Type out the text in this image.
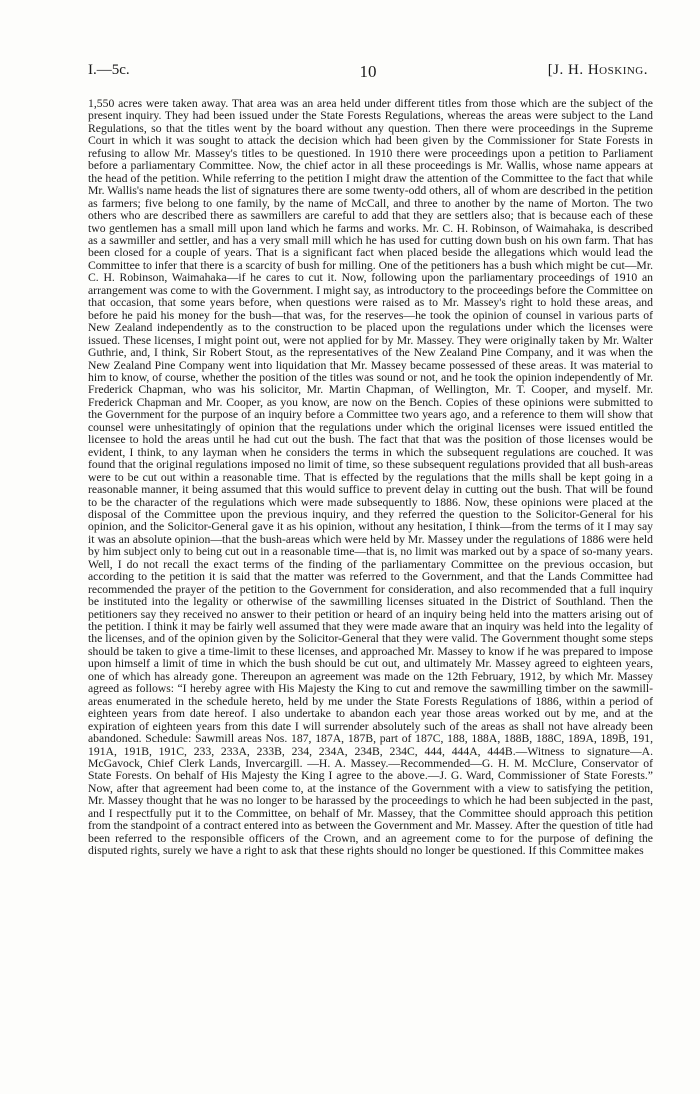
I.—5c.	10	[J. H. Hosking.

1,550 acres were taken away. That area was an area held under different titles from those which are the subject of the present inquiry. They had been issued under the State Forests Regulations, whereas the areas were subject to the Land Regulations, so that the titles went by the board without any question. Then there were proceedings in the Supreme Court in which it was sought to attack the decision which had been given by the Commissioner for State Forests in refusing to allow Mr. Massey's titles to be questioned. In 1910 there were proceedings upon a petition to Parliament before a parliamentary Committee. Now, the chief actor in all these proceedings is Mr. Wallis, whose name appears at the head of the petition. While referring to the petition I might draw the attention of the Committee to the fact that while Mr. Wallis's name heads the list of signatures there are some twenty-odd others, all of whom are described in the petition as farmers; five belong to one family, by the name of McCall, and three to another by the name of Morton. The two others who are described there as sawmillers are careful to add that they are settlers also; that is because each of these two gentlemen has a small mill upon land which he farms and works. Mr. C. H. Robinson, of Waimahaka, is described as a sawmiller and settler, and has a very small mill which he has used for cutting down bush on his own farm. That has been closed for a couple of years. That is a significant fact when placed beside the allegations which would lead the Committee to infer that there is a scarcity of bush for milling. One of the petitioners has a bush which might be cut—Mr. C. H. Robinson, Waimahaka—if he cares to cut it. Now, following upon the parliamentary proceedings of 1910 an arrangement was come to with the Government. I might say, as introductory to the proceedings before the Committee on that occasion, that some years before, when questions were raised as to Mr. Massey's right to hold these areas, and before he paid his money for the bush—that was, for the reserves—he took the opinion of counsel in various parts of New Zealand independently as to the construction to be placed upon the regulations under which the licenses were issued. These licenses, I might point out, were not applied for by Mr. Massey. They were originally taken by Mr. Walter Guthrie, and, I think, Sir Robert Stout, as the representatives of the New Zealand Pine Company, and it was when the New Zealand Pine Company went into liquidation that Mr. Massey became possessed of these areas. It was material to him to know, of course, whether the position of the titles was sound or not, and he took the opinion independently of Mr. Frederick Chapman, who was his solicitor, Mr. Martin Chapman, of Wellington, Mr. T. Cooper, and myself. Mr. Frederick Chapman and Mr. Cooper, as you know, are now on the Bench. Copies of these opinions were submitted to the Government for the purpose of an inquiry before a Committee two years ago, and a reference to them will show that counsel were unhesitatingly of opinion that the regulations under which the original licenses were issued entitled the licensee to hold the areas until he had cut out the bush. The fact that that was the position of those licenses would be evident, I think, to any layman when he considers the terms in which the subsequent regulations are couched. It was found that the original regulations imposed no limit of time, so these subsequent regulations provided that all bush-areas were to be cut out within a reasonable time. That is effected by the regulations that the mills shall be kept going in a reasonable manner, it being assumed that this would suffice to prevent delay in cutting out the bush. That will be found to be the character of the regulations which were made subsequently to 1886. Now, these opinions were placed at the disposal of the Committee upon the previous inquiry, and they referred the question to the Solicitor-General for his opinion, and the Solicitor-General gave it as his opinion, without any hesitation, I think—from the terms of it I may say it was an absolute opinion—that the bush-areas which were held by Mr. Massey under the regulations of 1886 were held by him subject only to being cut out in a reasonable time—that is, no limit was marked out by a space of so-many years. Well, I do not recall the exact terms of the finding of the parliamentary Committee on the previous occasion, but according to the petition it is said that the matter was referred to the Government, and that the Lands Committee had recommended the prayer of the petition to the Government for consideration, and also recommended that a full inquiry be instituted into the legality or otherwise of the sawmilling licenses situated in the District of Southland. Then the petitioners say they received no answer to their petition or heard of an inquiry being held into the matters arising out of the petition. I think it may be fairly well assumed that they were made aware that an inquiry was held into the legality of the licenses, and of the opinion given by the Solicitor-General that they were valid. The Government thought some steps should be taken to give a time-limit to these licenses, and approached Mr. Massey to know if he was prepared to impose upon himself a limit of time in which the bush should be cut out, and ultimately Mr. Massey agreed to eighteen years, one of which has already gone. Thereupon an agreement was made on the 12th February, 1912, by which Mr. Massey agreed as follows: “I hereby agree with His Majesty the King to cut and remove the sawmilling timber on the sawmill-areas enumerated in the schedule hereto, held by me under the State Forests Regulations of 1886, within a period of eighteen years from date hereof. I also undertake to abandon each year those areas worked out by me, and at the expiration of eighteen years from this date I will surrender absolutely such of the areas as shall not have already been abandoned. Schedule: Sawmill areas Nos. 187, 187A, 187B, part of 187C, 188, 188A, 188B, 188C, 189A, 189B, 191, 191A, 191B, 191C, 233, 233A, 233B, 234, 234A, 234B, 234C, 444, 444A, 444B.—Witness to signature—A. McGavock, Chief Clerk Lands, Invercargill. —H. A. Massey.—Recommended—G. H. M. McClure, Conservator of State Forests. On behalf of His Majesty the King I agree to the above.—J. G. Ward, Commissioner of State Forests.” Now, after that agreement had been come to, at the instance of the Government with a view to satisfying the petition, Mr. Massey thought that he was no longer to be harassed by the proceedings to which he had been subjected in the past, and I respectfully put it to the Committee, on behalf of Mr. Massey, that the Committee should approach this petition from the standpoint of a contract entered into as between the Government and Mr. Massey. After the question of title had been referred to the responsible officers of the Crown, and an agreement come to for the purpose of defining the disputed rights, surely we have a right to ask that these rights should no longer be questioned. If this Committee makes
